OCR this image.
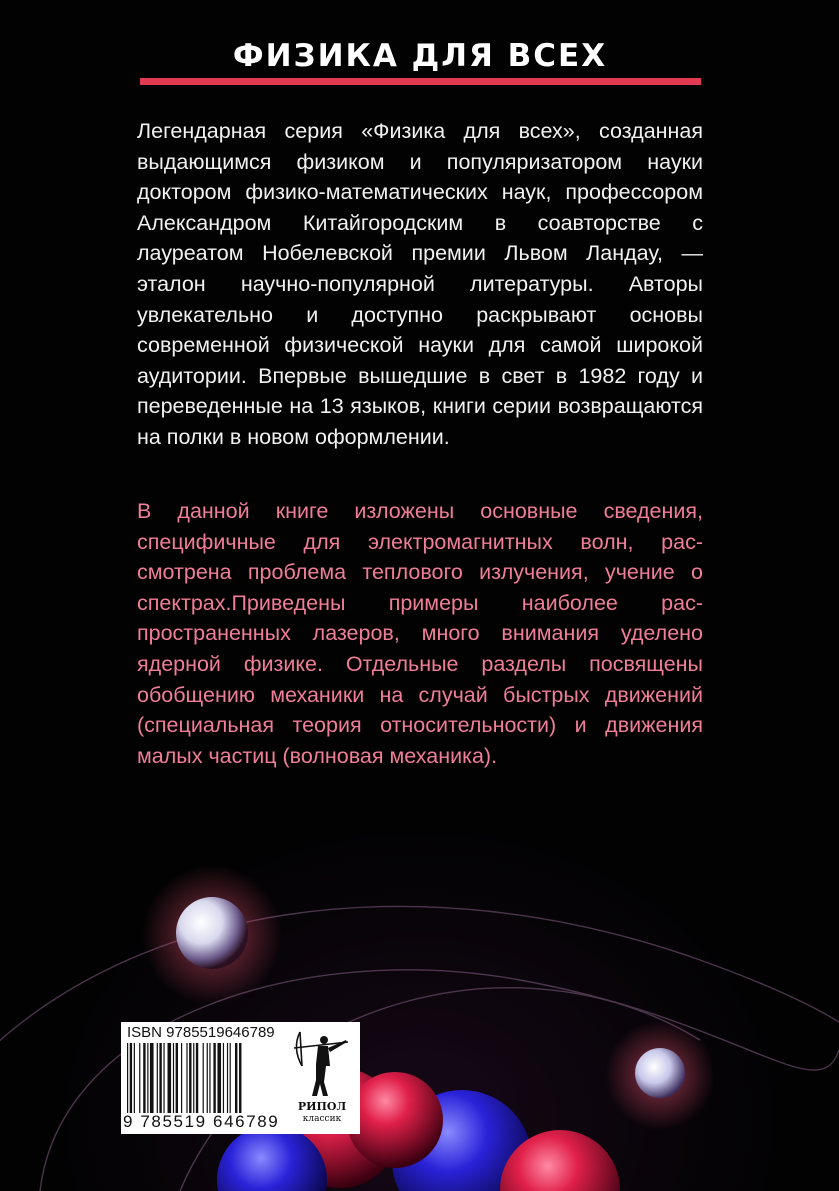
ФИЗИКА ДЛЯ ВСЕХ

Легендарная серия «Физика для всех», созданная выдающимся физиком и популяризатором науки доктором физико-математических наук, профессором Александром Китайгородским в соавторстве с лауреатом Нобелевской премии Львом Ландау, — эталон научно-популярной литературы. Авторы увлекательно и доступно раскрывают основы современной физической науки для самой широкой аудитории. Впервые вышедшие в свет в 1982 году и переведенные на 13 языков, книги серии возвращаются на полки в новом оформлении.

В данной книге изложены основные сведения, специфичные для электромагнитных волн, рассмотрена проблема теплового излучения, учение о спектрах.Приведены примеры наиболее распространенных лазеров, много внимания уделено ядерной физике. Отдельные разделы посвящены обобщению механики на случай быстрых движений (специальная теория относительности) и движения малых частиц (волновая механика).

ISBN 9785519646789
9 785519 646789
РИПОЛ
классик
